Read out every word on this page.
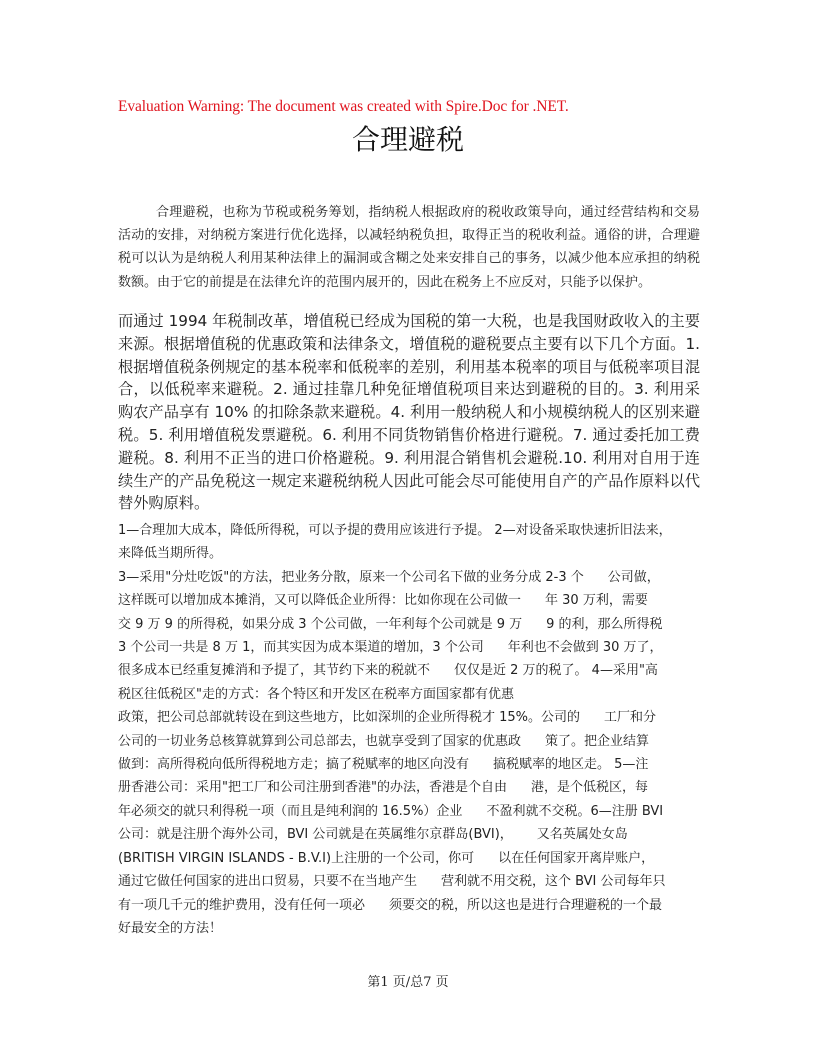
Evaluation Warning: The document was created with Spire.Doc for .NET.
合理避税

合理避税，也称为节税或税务筹划，指纳税人根据政府的税收政策导向，通过经营结构和交易活动的安排，对纳税方案进行优化选择，以减轻纳税负担，取得正当的税收利益。通俗的讲，合理避税可以认为是纳税人利用某种法律上的漏洞或含糊之处来安排自己的事务，以减少他本应承担的纳税数额。由于它的前提是在法律允许的范围内展开的，因此在税务上不应反对，只能予以保护。

而通过 1994 年税制改革，增值税已经成为国税的第一大税，也是我国财政收入的主要来源。根据增值税的优惠政策和法律条文，增值税的避税要点主要有以下几个方面。1. 根据增值税条例规定的基本税率和低税率的差别，利用基本税率的项目与低税率项目混合，以低税率来避税。2. 通过挂靠几种免征增值税项目来达到避税的目的。3. 利用采购农产品享有 10% 的扣除条款来避税。4. 利用一般纳税人和小规模纳税人的区别来避税。5. 利用增值税发票避税。6. 利用不同货物销售价格进行避税。7. 通过委托加工费避税。8. 利用不正当的进口价格避税。9. 利用混合销售机会避税.10. 利用对自用于连续生产的产品免税这一规定来避税纳税人因此可能会尽可能使用自产的产品作原料以代替外购原料。

1—合理加大成本，降低所得税，可以予提的费用应该进行予提。 2—对设备采取快速折旧法来，
来降低当期所得。
3—采用"分灶吃饭"的方法，把业务分散，原来一个公司名下做的业务分成 2-3 个 公司做，
这样既可以增加成本摊消，又可以降低企业所得：比如你现在公司做一 年 30 万利，需要
交 9 万 9 的所得税，如果分成 3 个公司做，一年利每个公司就是 9 万 9 的利，那么所得税
3 个公司一共是 8 万 1，而其实因为成本渠道的增加，3 个公司 年利也不会做到 30 万了，
很多成本已经重复摊消和予提了，其节约下来的税就不 仅仅是近 2 万的税了。 4—采用"高
税区往低税区"走的方式：各个特区和开发区在税率方面国家都有优惠
政策，把公司总部就转设在到这些地方，比如深圳的企业所得税才 15%。公司的 工厂和分
公司的一切业务总核算就算到公司总部去，也就享受到了国家的优惠政 策了。把企业结算
做到：高所得税向低所得税地方走；搞了税赋率的地区向没有 搞税赋率的地区走。 5—注
册香港公司：采用"把工厂和公司注册到香港"的办法，香港是个自由 港，是个低税区，每
年必须交的就只利得税一项（而且是纯利润的 16.5%）企业 不盈利就不交税。6—注册 BVI
公司：就是注册个海外公司，BVI 公司就是在英属维尔京群岛(BVI)， 又名英属处女岛
(BRITISH VIRGIN ISLANDS - B.V.I)上注册的一个公司，你可 以在任何国家开离岸账户，
通过它做任何国家的进出口贸易，只要不在当地产生 营利就不用交税，这个 BVI 公司每年只
有一项几千元的维护费用，没有任何一项必 须要交的税，所以这也是进行合理避税的一个最
好最安全的方法！
第1 页/总7 页
